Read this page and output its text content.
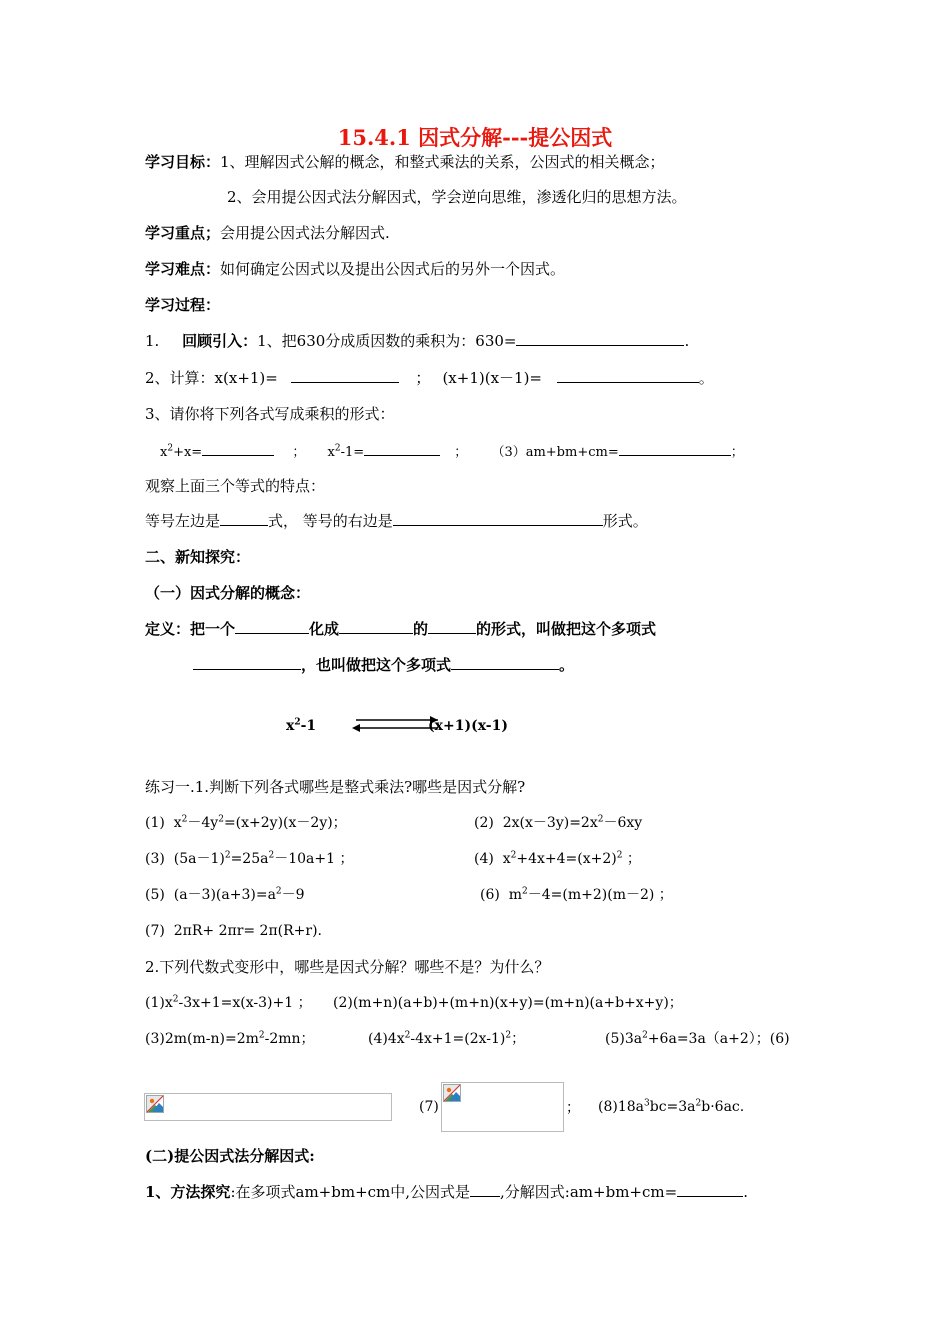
15.4.1 因式分解---提公因式
学习目标：1、理解因式公解的概念，和整式乘法的关系，公因式的相关概念；
2、会用提公因式法分解因式，学会逆向思维，渗透化归的思想方法。
学习重点；会用提公因式法分解因式.
学习难点：如何确定公因式以及提出公因式后的另外一个因式。
学习过程：
1. 回顾引入：1、把630分成质因数的乘积为：630=	.
2、计算：x(x+1)=	； (x+1)(x－1)=	。
3、请你将下列各式写成乘积的形式：
$x^2+x=$	； $x^2-1=$	； （3）am+bm+cm=	；
观察上面三个等式的特点：
等号左边是	式， 等号的右边是	形式。
二、新知探究：
（一）因式分解的概念：
定义：把一个	化成	的	的形式，叫做把这个多项式
，也叫做把这个多项式	。
$x^2-1$	(x+1)(x-1)
练习一.1.判断下列各式哪些是整式乘法?哪些是因式分解?
(1) $x^2-4y^2=(x+2y)(x-2y)$；	(2) $2x(x-3y)=2x^2-6xy$
(3) $(5a-1)^2=25a^2-10a+1$ ；	(4) $x^2+4x+4=(x+2)^2$ ；
(5) $(a-3)(a+3)=a^2-9$	(6) $m^2-4=(m+2)(m-2)$ ；
(7) 2πR+ 2πr= 2π(R+r).
2.下列代数式变形中，哪些是因式分解？哪些不是？为什么？
$(1)x^2-3x+1=x(x-3)+1$ ； (2)(m+n)(a+b)+(m+n)(x+y)=(m+n)(a+b+x+y)；
$(3)2m(m-n)=2m^2-2mn$；	$(4)4x^2-4x+1=(2x-1)^2$；	$(5)3a^2+6a=3a(a+2)$；(6)
(7)	； $(8)18a^3bc=3a^2b\cdot 6ac$.
(二)提公因式法分解因式:
1、方法探究:在多项式am+bm+cm中,公因式是 ,分解因式:am+bm+cm=	.
